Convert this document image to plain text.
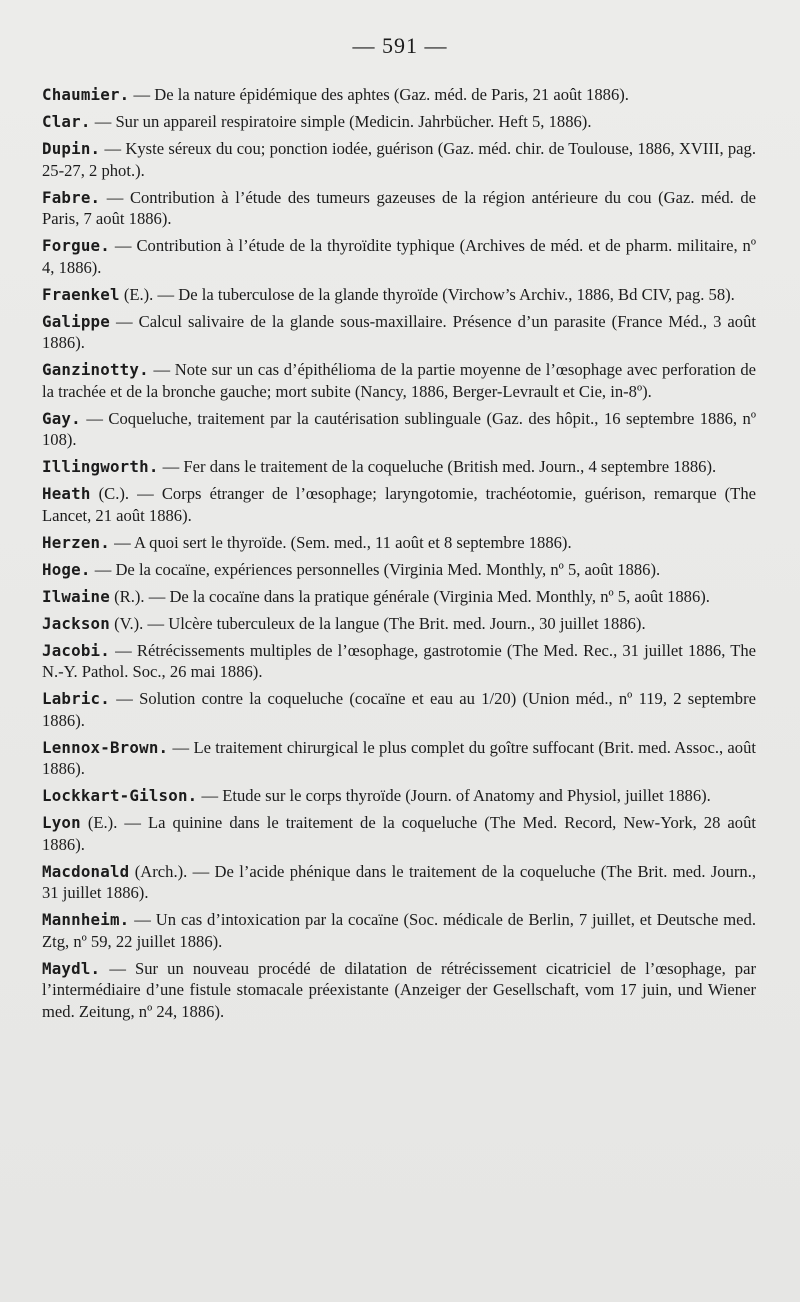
— 591 —
Chaumier. — De la nature épidémique des aphtes (Gaz. méd. de Paris, 21 août 1886).
Clar. — Sur un appareil respiratoire simple (Medicin. Jahrbücher. Heft 5, 1886).
Dupin. — Kyste séreux du cou; ponction iodée, guérison (Gaz. méd. chir. de Toulouse, 1886, XVIII, pag. 25-27, 2 phot.).
Fabre. — Contribution à l’étude des tumeurs gazeuses de la région antérieure du cou (Gaz. méd. de Paris, 7 août 1886).
Forgue. — Contribution à l’étude de la thyroïdite typhique (Archives de méd. et de pharm. militaire, nº 4, 1886).
Fraenkel (E.). — De la tuberculose de la glande thyroïde (Virchow’s Archiv., 1886, Bd CIV, pag. 58).
Galippe — Calcul salivaire de la glande sous-maxillaire. Présence d’un parasite (France Méd., 3 août 1886).
Ganzinotty. — Note sur un cas d’épithélioma de la partie moyenne de l’œsophage avec perforation de la trachée et de la bronche gauche; mort subite (Nancy, 1886, Berger-Levrault et Cie, in-8º).
Gay. — Coqueluche, traitement par la cautérisation sublinguale (Gaz. des hôpit., 16 septembre 1886, nº 108).
Illingworth. — Fer dans le traitement de la coqueluche (British med. Journ., 4 septembre 1886).
Heath (C.). — Corps étranger de l’œsophage; laryngotomie, trachéotomie, guérison, remarque (The Lancet, 21 août 1886).
Herzen. — A quoi sert le thyroïde. (Sem. med., 11 août et 8 septembre 1886).
Hoge. — De la cocaïne, expériences personnelles (Virginia Med. Monthly, nº 5, août 1886).
Ilwaine (R.). — De la cocaïne dans la pratique générale (Virginia Med. Monthly, nº 5, août 1886).
Jackson (V.). — Ulcère tuberculeux de la langue (The Brit. med. Journ., 30 juillet 1886).
Jacobi. — Rétrécissements multiples de l’œsophage, gastrotomie (The Med. Rec., 31 juillet 1886, The N.-Y. Pathol. Soc., 26 mai 1886).
Labric. — Solution contre la coqueluche (cocaïne et eau au 1/20) (Union méd., nº 119, 2 septembre 1886).
Lennox-Brown. — Le traitement chirurgical le plus complet du goître suffocant (Brit. med. Assoc., août 1886).
Lockkart-Gilson. — Etude sur le corps thyroïde (Journ. of Anatomy and Physiol, juillet 1886).
Lyon (E.). — La quinine dans le traitement de la coqueluche (The Med. Record, New-York, 28 août 1886).
Macdonald (Arch.). — De l’acide phénique dans le traitement de la coqueluche (The Brit. med. Journ., 31 juillet 1886).
Mannheim. — Un cas d’intoxication par la cocaïne (Soc. médicale de Berlin, 7 juillet, et Deutsche med. Ztg, nº 59, 22 juillet 1886).
Maydl. — Sur un nouveau procédé de dilatation de rétrécissement cicatriciel de l’œsophage, par l’intermédiaire d’une fistule stomacale préexistante (Anzeiger der Gesellschaft, vom 17 juin, und Wiener med. Zeitung, nº 24, 1886).
